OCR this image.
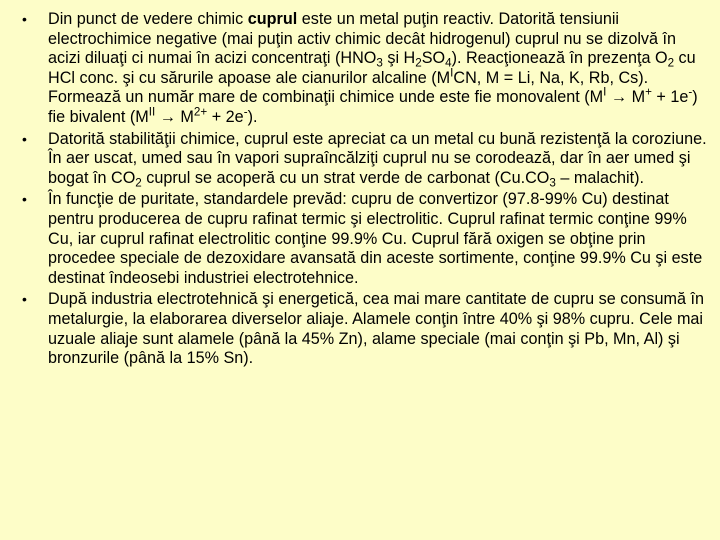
•	Din punct de vedere chimic cuprul este un metal puţin reactiv. Datorită tensiunii electrochimice negative (mai puţin activ chimic decât hidrogenul) cuprul nu se dizolvă în acizi diluaţi ci numai în acizi concentraţi ($HNO_3$ şi $H_2SO_4$). Reacţionează în prezenţa $O_2$ cu HCl conc. şi cu sărurile apoase ale cianurilor alcaline ($M^ICN$, M = Li, Na, K, Rb, Cs). Formează un număr mare de combinaţii chimice unde este fie monovalent $(M^I \to M^+ + 1e^-)$ fie bivalent $(M^{II} \to M^{2+} + 2e^-)$.
•	Datorită stabilităţii chimice, cuprul este apreciat ca un metal cu bună rezistenţă la coroziune. În aer uscat, umed sau în vapori supraîncălziţi cuprul nu se corodează, dar în aer umed şi bogat în $CO_2$ cuprul se acoperă cu un strat verde de carbonat ($Cu.CO_3$ – malachit).
•	În funcţie de puritate, standardele prevăd: cupru de convertizor (97.8-99% Cu) destinat pentru producerea de cupru rafinat termic şi electrolitic. Cuprul rafinat termic conţine 99% Cu, iar cuprul rafinat electrolitic conţine 99.9% Cu. Cuprul fără oxigen se obţine prin procedee speciale de dezoxidare avansată din aceste sortimente, conţine 99.9% Cu şi este destinat îndeosebi industriei electrotehnice.
•	După industria electrotehnică şi energetică, cea mai mare cantitate de cupru se consumă în metalurgie, la elaborarea diverselor aliaje. Alamele conţin între 40% şi 98% cupru. Cele mai uzuale aliaje sunt alamele (până la 45% Zn), alame speciale (mai conţin şi Pb, Mn, Al) şi bronzurile (până la 15% Sn).
